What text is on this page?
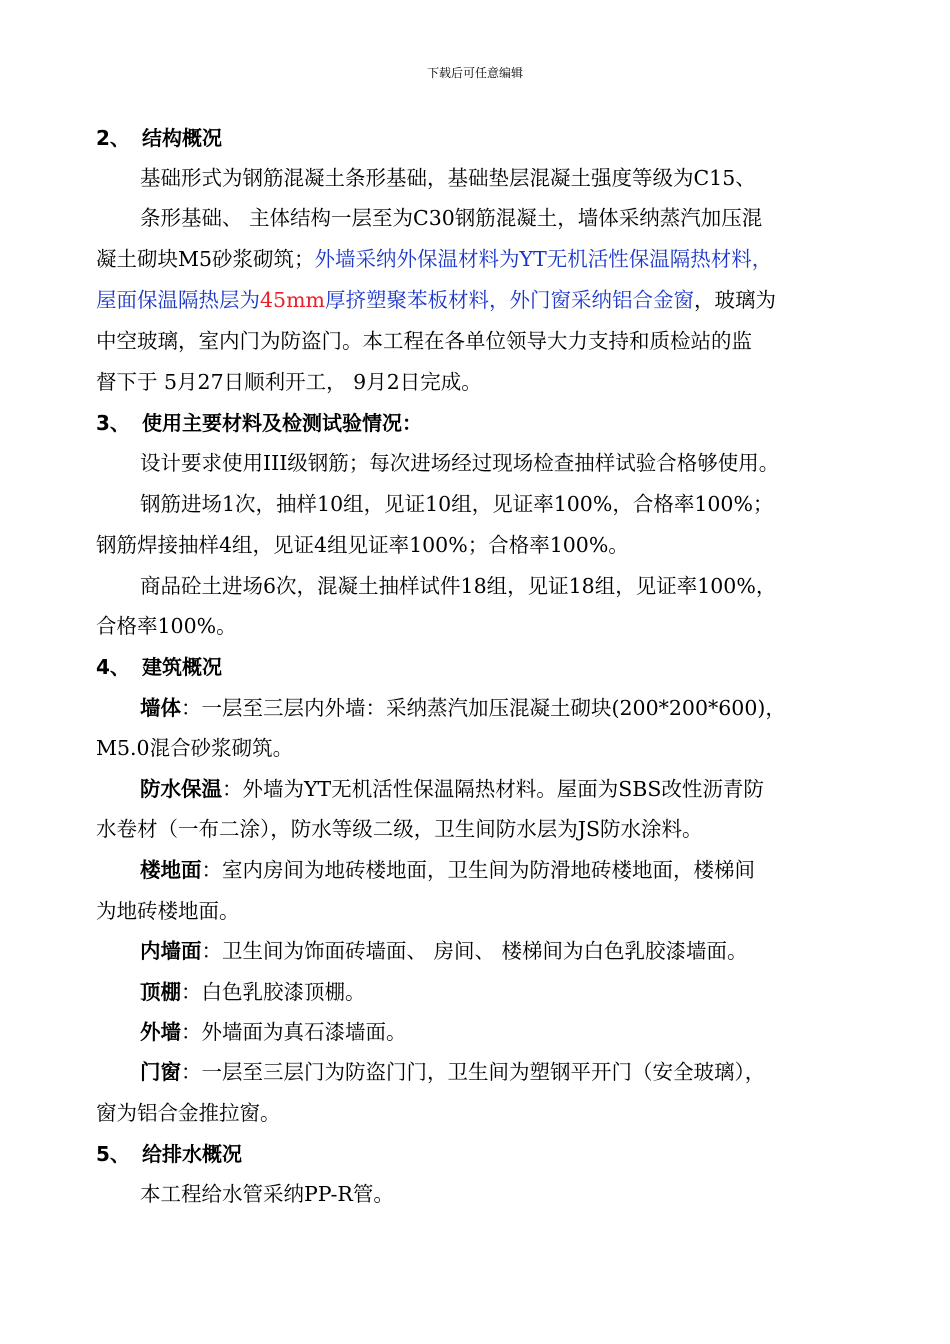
下载后可任意编辑
2、 结构概况
基础形式为钢筋混凝土条形基础，基础垫层混凝土强度等级为C15、
条形基础、 主体结构一层至为C30钢筋混凝土，墙体采纳蒸汽加压混
凝土砌块M5砂浆砌筑；外墙采纳外保温材料为YT无机活性保温隔热材料，
屋面保温隔热层为45mm厚挤塑聚苯板材料，外门窗采纳铝合金窗，玻璃为
中空玻璃，室内门为防盗门。本工程在各单位领导大力支持和质检站的监
督下于 5月27日顺利开工， 9月2日完成。
3、 使用主要材料及检测试验情况：
设计要求使用III级钢筋；每次进场经过现场检查抽样试验合格够使用。
钢筋进场1次，抽样10组，见证10组，见证率100%，合格率100%；
钢筋焊接抽样4组，见证4组见证率100%；合格率100%。
商品砼土进场6次，混凝土抽样试件18组，见证18组，见证率100%，
合格率100%。
4、 建筑概况
墙体：一层至三层内外墙：采纳蒸汽加压混凝土砌块(200*200*600)，
M5.0混合砂浆砌筑。
防水保温：外墙为YT无机活性保温隔热材料。屋面为SBS改性沥青防
水卷材（一布二涂），防水等级二级，卫生间防水层为JS防水涂料。
楼地面：室内房间为地砖楼地面，卫生间为防滑地砖楼地面，楼梯间
为地砖楼地面。
内墙面：卫生间为饰面砖墙面、 房间、 楼梯间为白色乳胶漆墙面。
顶棚：白色乳胶漆顶棚。
外墙：外墙面为真石漆墙面。
门窗：一层至三层门为防盗门门，卫生间为塑钢平开门（安全玻璃），
窗为铝合金推拉窗。
5、 给排水概况
本工程给水管采纳PP-R管。
